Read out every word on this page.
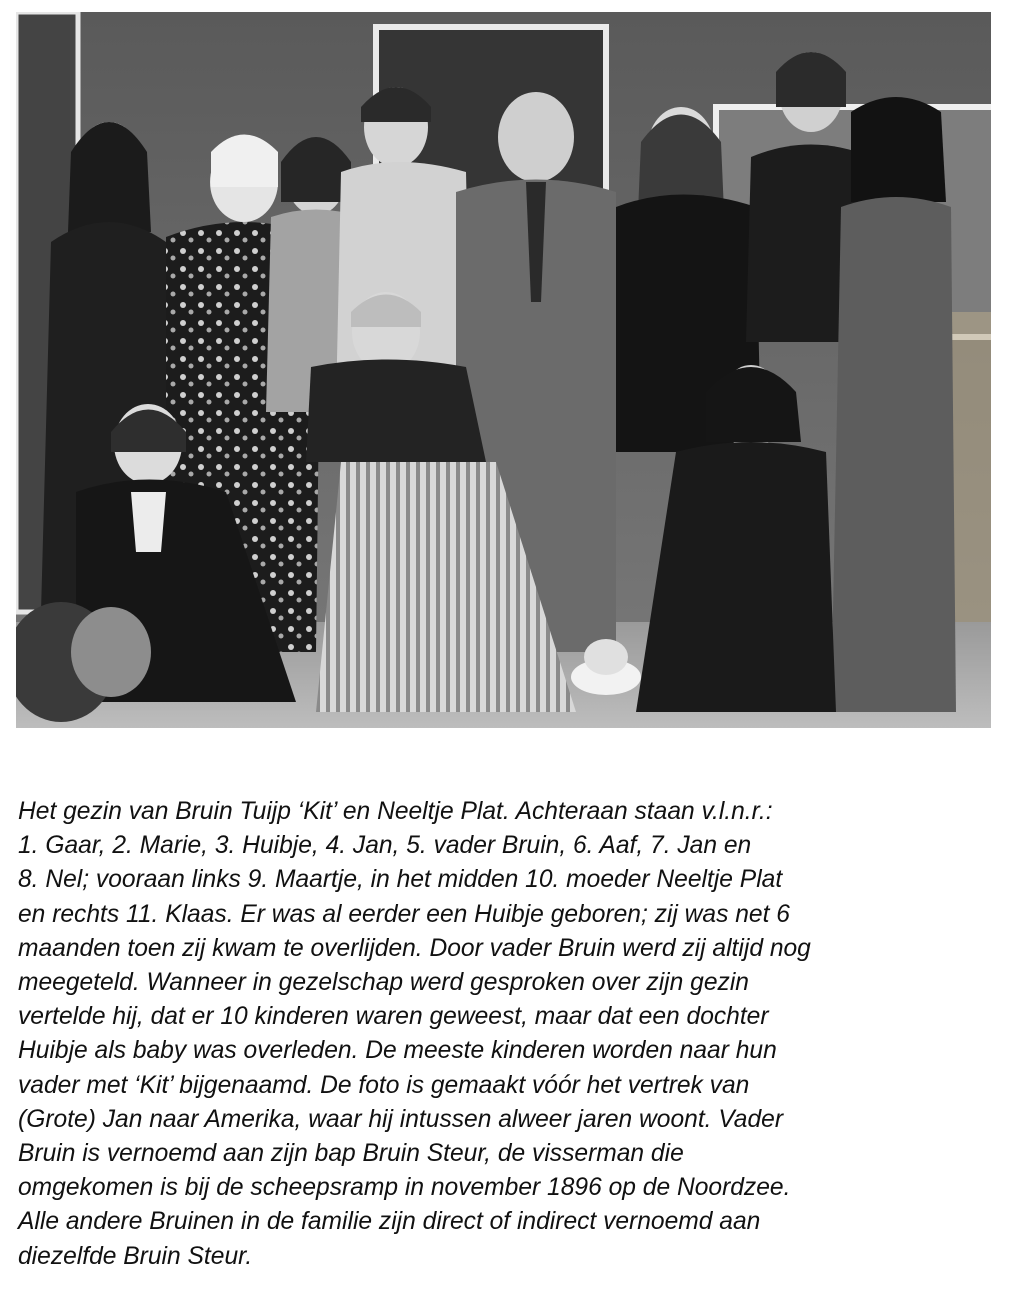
Het gezin van Bruin Tuijp ‘Kit’ en Neeltje Plat. Achteraan staan v.l.n.r.:
1. Gaar, 2. Marie, 3. Huibje, 4. Jan, 5. vader Bruin, 6. Aaf, 7. Jan en
8. Nel; vooraan links 9. Maartje, in het midden 10. moeder Neeltje Plat
en rechts 11. Klaas. Er was al eerder een Huibje geboren; zij was net 6
maanden toen zij kwam te overlijden. Door vader Bruin werd zij altijd nog
meegeteld. Wanneer in gezelschap werd gesproken over zijn gezin
vertelde hij, dat er 10 kinderen waren geweest, maar dat een dochter
Huibje als baby was overleden. De meeste kinderen worden naar hun
vader met ‘Kit’ bijgenaamd. De foto is gemaakt vóór het vertrek van
(Grote) Jan naar Amerika, waar hij intussen alweer jaren woont. Vader
Bruin is vernoemd aan zijn bap Bruin Steur, de visserman die
omgekomen is bij de scheepsramp in november 1896 op de Noordzee.
Alle andere Bruinen in de familie zijn direct of indirect vernoemd aan
diezelfde Bruin Steur.
